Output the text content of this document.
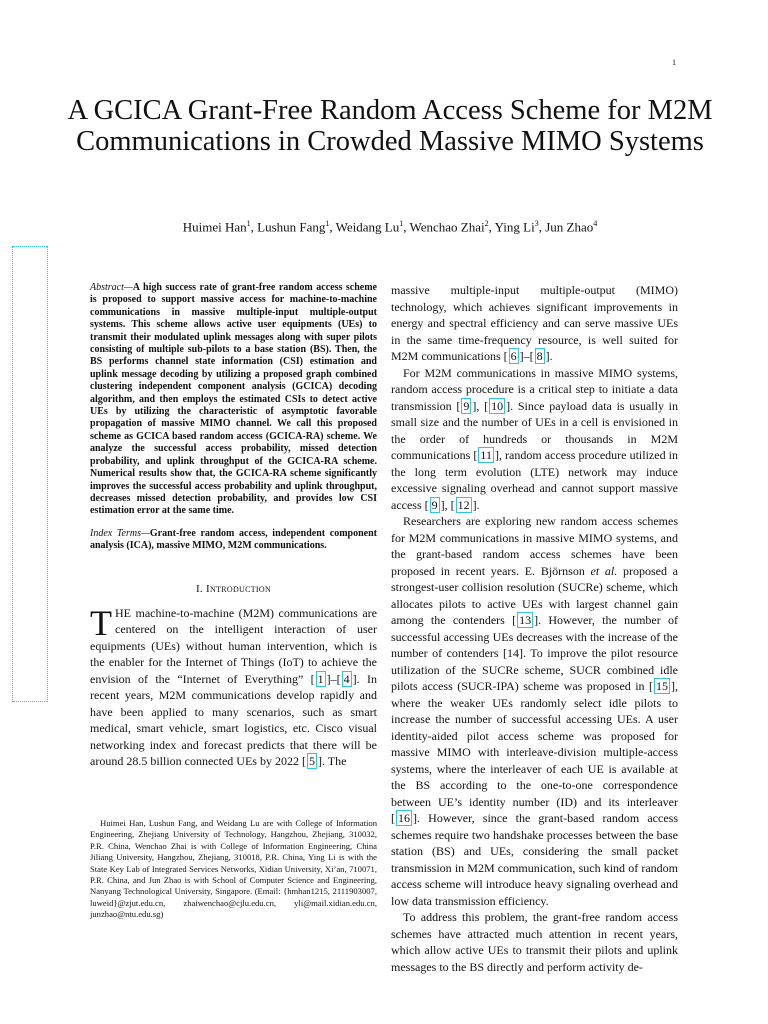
1
A GCICA Grant-Free Random Access Scheme for M2M Communications in Crowded Massive MIMO Systems
Huimei Han$^1$, Lushun Fang$^1$, Weidang Lu$^1$, Wenchao Zhai$^2$, Ying Li$^3$, Jun Zhao$^4$
Abstract—A high success rate of grant-free random access scheme is proposed to support massive access for machine-to-machine communications in massive multiple-input multiple-output systems. This scheme allows active user equipments (UEs) to transmit their modulated uplink messages along with super pilots consisting of multiple sub-pilots to a base station (BS). Then, the BS performs channel state information (CSI) estimation and uplink message decoding by utilizing a proposed graph combined clustering independent component analysis (GCICA) decoding algorithm, and then employs the estimated CSIs to detect active UEs by utilizing the characteristic of asymptotic favorable propagation of massive MIMO channel. We call this proposed scheme as GCICA based random access (GCICA-RA) scheme. We analyze the successful access probability, missed detection probability, and uplink throughput of the GCICA-RA scheme. Numerical results show that, the GCICA-RA scheme significantly improves the successful access probability and uplink throughput, decreases missed detection probability, and provides low CSI estimation error at the same time.
Index Terms—Grant-free random access, independent component analysis (ICA), massive MIMO, M2M communications.
I. Introduction

THE machine-to-machine (M2M) communications are centered on the intelligent interaction of user equipments (UEs) without human intervention, which is the enabler for the Internet of Things (IoT) to achieve the envision of the “Internet of Everything” [ 1 ]–[ 4 ]. In recent years, M2M communications develop rapidly and have been applied to many scenarios, such as smart medical, smart vehicle, smart logistics, etc. Cisco visual networking index and forecast predicts that there will be around 28.5 billion connected UEs by 2022 [ 5 ]. The

Huimei Han, Lushun Fang, and Weidang Lu are with College of Information Engineering, Zhejiang University of Technology, Hangzhou, Zhejiang, 310032, P.R. China, Wenchao Zhai is with College of Information Engineering, China Jiliang University, Hangzhou, Zhejiang, 310018, P.R. China, Ying Li is with the State Key Lab of Integrated Services Networks, Xidian University, Xi’an, 710071, P.R. China, and Jun Zhao is with School of Computer Science and Engineering, Nanyang Technological University, Singapore. (Email: {hmhan1215, 2111903007, luweid}@zjut.edu.cn, zhaiwenchao@cjlu.edu.cn, yli@mail.xidian.edu.cn, junzhao@ntu.edu.sg)

massive multiple-input multiple-output (MIMO) technology, which achieves significant improvements in energy and spectral efficiency and can serve massive UEs in the same time-frequency resource, is well suited for M2M communications [ 6 ]–[ 8 ].

For M2M communications in massive MIMO systems, random access procedure is a critical step to initiate a data transmission [ 9 ], [ 10 ]. Since payload data is usually in small size and the number of UEs in a cell is envisioned in the order of hundreds or thousands in M2M communications [ 11 ], random access procedure utilized in the long term evolution (LTE) network may induce excessive signaling overhead and cannot support massive access [ 9 ], [ 12 ].

Researchers are exploring new random access schemes for M2M communications in massive MIMO systems, and the grant-based random access schemes have been proposed in recent years. E. Björnson et al. proposed a strongest-user collision resolution (SUCRe) scheme, which allocates pilots to active UEs with largest channel gain among the contenders [ 13 ]. However, the number of successful accessing UEs decreases with the increase of the number of contenders [14]. To improve the pilot resource utilization of the SUCRe scheme, SUCR combined idle pilots access (SUCR-IPA) scheme was proposed in [ 15 ], where the weaker UEs randomly select idle pilots to increase the number of successful accessing UEs. A user identity-aided pilot access scheme was proposed for massive MIMO with interleave-division multiple-access systems, where the interleaver of each UE is available at the BS according to the one-to-one correspondence between UE’s identity number (ID) and its interleaver [ 16 ]. However, since the grant-based random access schemes require two handshake processes between the base station (BS) and UEs, considering the small packet transmission in M2M communication, such kind of random access scheme will introduce heavy signaling overhead and low data transmission efficiency.

To address this problem, the grant-free random access schemes have attracted much attention in recent years, which allow active UEs to transmit their pilots and uplink messages to the BS directly and perform activity de-
